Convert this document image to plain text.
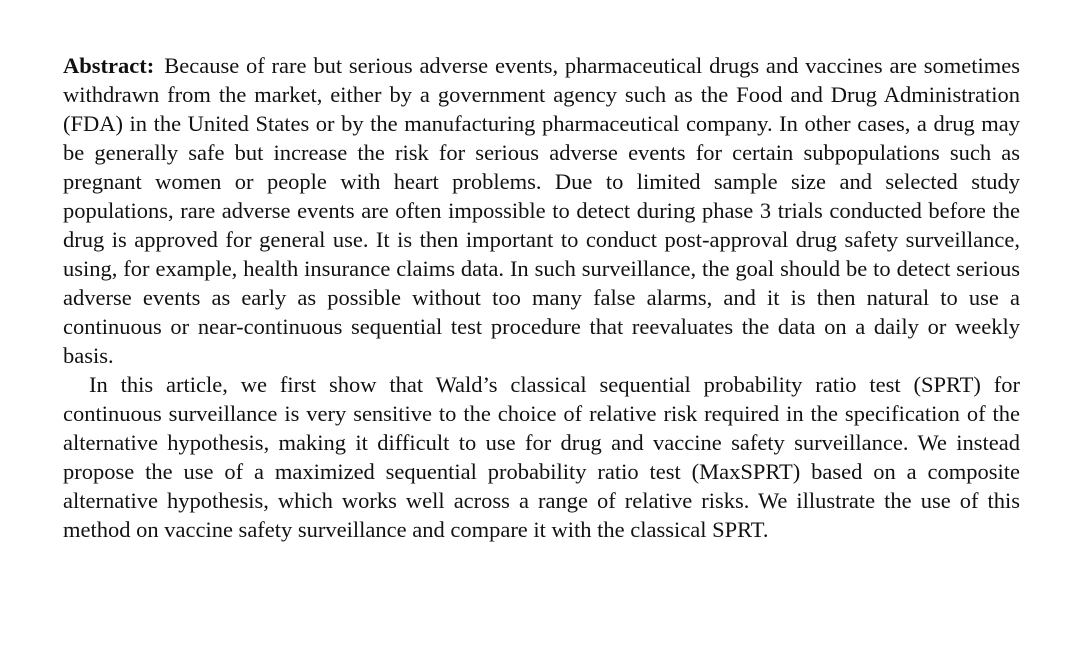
Abstract: Because of rare but serious adverse events, pharmaceutical drugs and vaccines are sometimes withdrawn from the market, either by a government agency such as the Food and Drug Administration (FDA) in the United States or by the manufacturing pharmaceutical company. In other cases, a drug may be generally safe but increase the risk for serious adverse events for certain subpopulations such as pregnant women or people with heart problems. Due to limited sample size and selected study populations, rare adverse events are often impossible to detect during phase 3 trials conducted before the drug is approved for general use. It is then important to conduct post-approval drug safety surveillance, using, for example, health insurance claims data. In such surveillance, the goal should be to detect serious adverse events as early as possible without too many false alarms, and it is then natural to use a continuous or near-continuous sequential test procedure that reevaluates the data on a daily or weekly basis.

In this article, we first show that Wald’s classical sequential probability ratio test (SPRT) for continuous surveillance is very sensitive to the choice of relative risk required in the specification of the alternative hypothesis, making it difficult to use for drug and vaccine safety surveillance. We instead propose the use of a maximized sequential probability ratio test (MaxSPRT) based on a composite alternative hypothesis, which works well across a range of relative risks. We illustrate the use of this method on vaccine safety surveillance and compare it with the classical SPRT.
